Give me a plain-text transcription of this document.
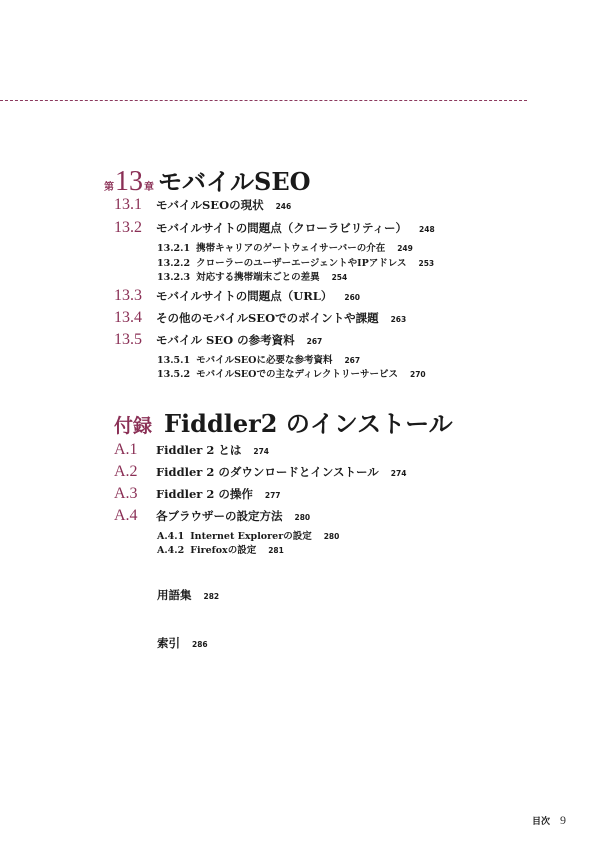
第 13 章 モバイルSEO
13.1	モバイルSEOの現状 246
13.2	モバイルサイトの問題点（クローラビリティー） 248
13.2.1 携帯キャリアのゲートウェイサーバーの介在 249
13.2.2 クローラーのユーザーエージェントやIPアドレス 253
13.2.3 対応する携帯端末ごとの差異 254
13.3	モバイルサイトの問題点（URL） 260
13.4	その他のモバイルSEOでのポイントや課題 263
13.5	モバイル SEO の参考資料 267
13.5.1 モバイルSEOに必要な参考資料 267
13.5.2 モバイルSEOでの主なディレクトリーサービス 270
付録 Fiddler2 のインストール
A.1	Fiddler 2 とは 274
A.2	Fiddler 2 のダウンロードとインストール 274
A.3	Fiddler 2 の操作 277
A.4	各ブラウザーの設定方法 280
A.4.1 Internet Explorerの設定 280
A.4.2 Firefoxの設定 281
用語集 282
索引 286
目次 9
